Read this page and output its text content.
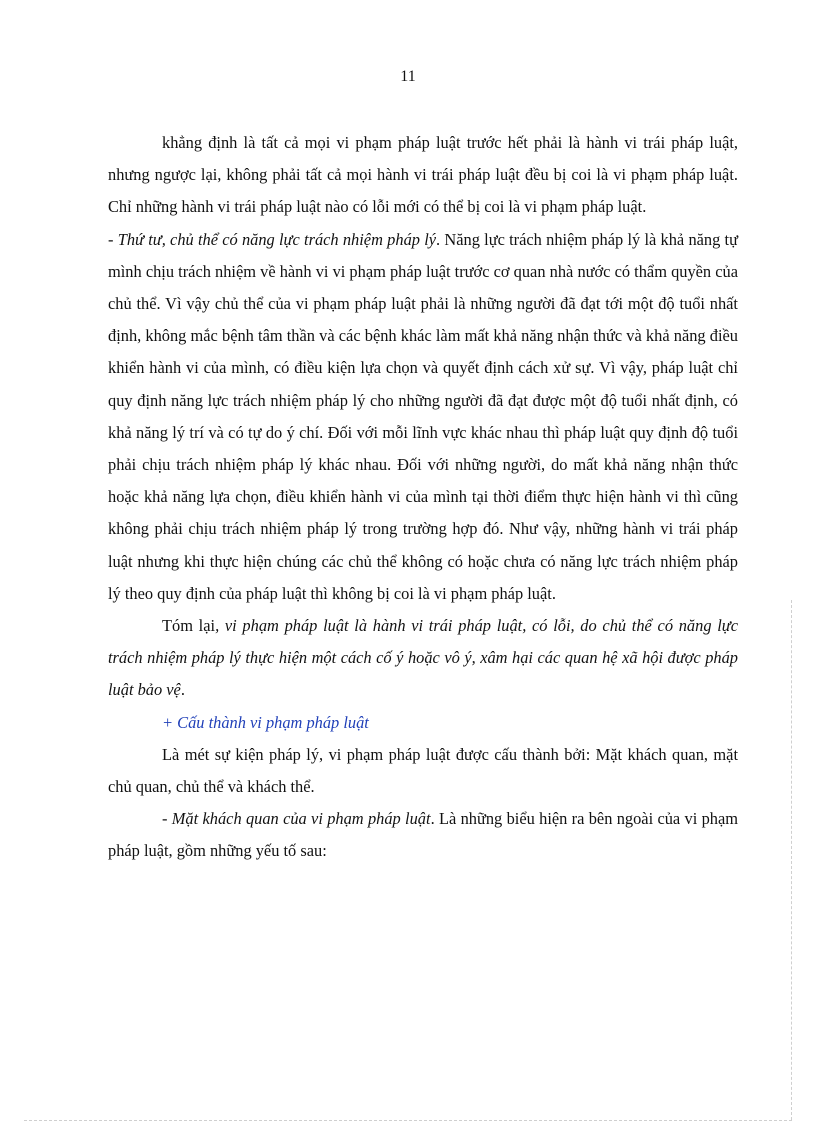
11

khẳng định là tất cả mọi vi phạm pháp luật trước hết phải là hành vi trái pháp luật, nhưng ngược lại, không phải tất cả mọi hành vi trái pháp luật đều bị coi là vi phạm pháp luật. Chỉ những hành vi trái pháp luật nào có lỗi mới có thể bị coi là vi phạm pháp luật.

- Thứ tư, chủ thể có năng lực trách nhiệm pháp lý. Năng lực trách nhiệm pháp lý là khả năng tự mình chịu trách nhiệm về hành vi vi phạm pháp luật trước cơ quan nhà nước có thẩm quyền của chủ thể. Vì vậy chủ thể của vi phạm pháp luật phải là những người đã đạt tới một độ tuổi nhất định, không mắc bệnh tâm thần và các bệnh khác làm mất khả năng nhận thức và khả năng điều khiển hành vi của mình, có điều kiện lựa chọn và quyết định cách xử sự. Vì vậy, pháp luật chỉ quy định năng lực trách nhiệm pháp lý cho những người đã đạt được một độ tuổi nhất định, có khả năng lý trí và có tự do ý chí. Đối với mỗi lĩnh vực khác nhau thì pháp luật quy định độ tuổi phải chịu trách nhiệm pháp lý khác nhau. Đối với những người, do mất khả năng nhận thức hoặc khả năng lựa chọn, điều khiển hành vi của mình tại thời điểm thực hiện hành vi thì cũng không phải chịu trách nhiệm pháp lý trong trường hợp đó. Như vậy, những hành vi trái pháp luật nhưng khi thực hiện chúng các chủ thể không có hoặc chưa có năng lực trách nhiệm pháp lý theo quy định của pháp luật thì không bị coi là vi phạm pháp luật.

Tóm lại, vi phạm pháp luật là hành vi trái pháp luật, có lỗi, do chủ thể có năng lực trách nhiệm pháp lý thực hiện một cách cố ý hoặc vô ý, xâm hại các quan hệ xã hội được pháp luật bảo vệ.

+ Cấu thành vi phạm pháp luật

Là mét sự kiện pháp lý, vi phạm pháp luật được cấu thành bởi: Mặt khách quan, mặt chủ quan, chủ thể và khách thể.

- Mặt khách quan của vi phạm pháp luật. Là những biểu hiện ra bên ngoài của vi phạm pháp luật, gồm những yếu tố sau:
